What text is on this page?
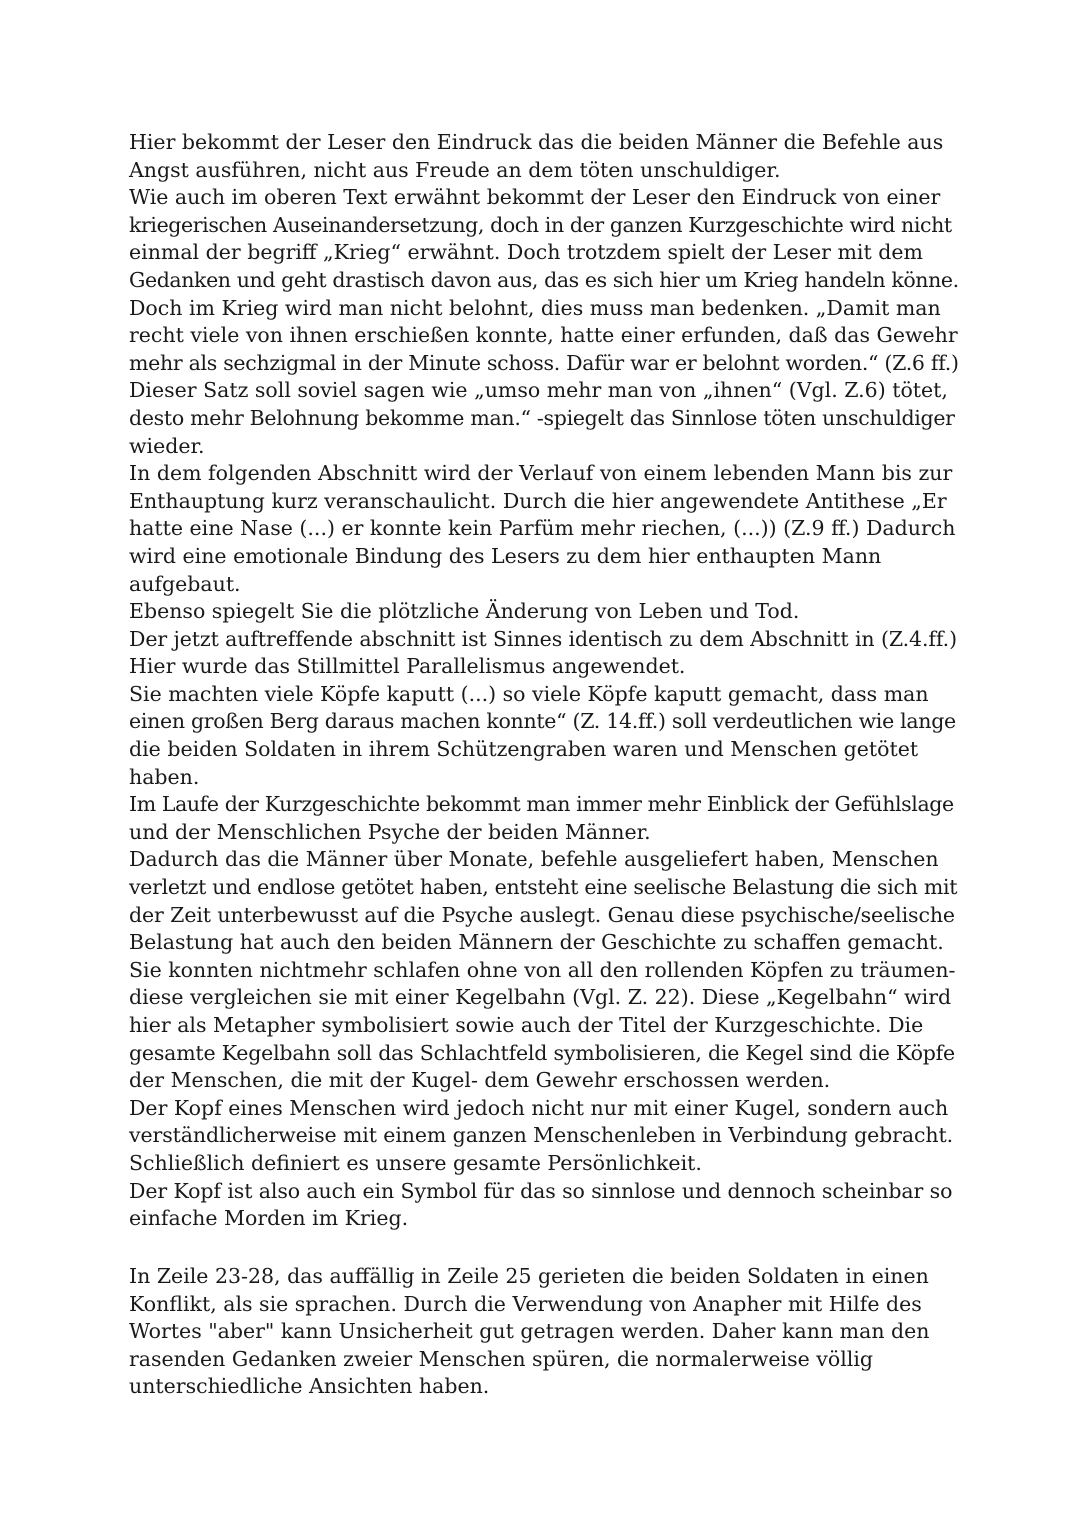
Hier bekommt der Leser den Eindruck das die beiden Männer die Befehle aus
Angst ausführen, nicht aus Freude an dem töten unschuldiger.
Wie auch im oberen Text erwähnt bekommt der Leser den Eindruck von einer
kriegerischen Auseinandersetzung, doch in der ganzen Kurzgeschichte wird nicht
einmal der begriff „Krieg“ erwähnt. Doch trotzdem spielt der Leser mit dem
Gedanken und geht drastisch davon aus, das es sich hier um Krieg handeln könne.
Doch im Krieg wird man nicht belohnt, dies muss man bedenken. „Damit man
recht viele von ihnen erschießen konnte, hatte einer erfunden, daß das Gewehr
mehr als sechzigmal in der Minute schoss. Dafür war er belohnt worden.“ (Z.6 ff.)
Dieser Satz soll soviel sagen wie „umso mehr man von „ihnen“ (Vgl. Z.6) tötet,
desto mehr Belohnung bekomme man.“ -spiegelt das Sinnlose töten unschuldiger
wieder.
In dem folgenden Abschnitt wird der Verlauf von einem lebenden Mann bis zur
Enthauptung kurz veranschaulicht. Durch die hier angewendete Antithese „Er
hatte eine Nase (...) er konnte kein Parfüm mehr riechen, (...)) (Z.9 ff.) Dadurch
wird eine emotionale Bindung des Lesers zu dem hier enthaupten Mann
aufgebaut.
Ebenso spiegelt Sie die plötzliche Änderung von Leben und Tod.
Der jetzt auftreffende abschnitt ist Sinnes identisch zu dem Abschnitt in (Z.4.ff.)
Hier wurde das Stillmittel Parallelismus angewendet.
Sie machten viele Köpfe kaputt (...) so viele Köpfe kaputt gemacht, dass man
einen großen Berg daraus machen konnte“ (Z. 14.ff.) soll verdeutlichen wie lange
die beiden Soldaten in ihrem Schützengraben waren und Menschen getötet
haben.
Im Laufe der Kurzgeschichte bekommt man immer mehr Einblick der Gefühlslage
und der Menschlichen Psyche der beiden Männer.
Dadurch das die Männer über Monate, befehle ausgeliefert haben, Menschen
verletzt und endlose getötet haben, entsteht eine seelische Belastung die sich mit
der Zeit unterbewusst auf die Psyche auslegt. Genau diese psychische/seelische
Belastung hat auch den beiden Männern der Geschichte zu schaffen gemacht.
Sie konnten nichtmehr schlafen ohne von all den rollenden Köpfen zu träumen-
diese vergleichen sie mit einer Kegelbahn (Vgl. Z. 22). Diese „Kegelbahn“ wird
hier als Metapher symbolisiert sowie auch der Titel der Kurzgeschichte. Die
gesamte Kegelbahn soll das Schlachtfeld symbolisieren, die Kegel sind die Köpfe
der Menschen, die mit der Kugel- dem Gewehr erschossen werden.
Der Kopf eines Menschen wird jedoch nicht nur mit einer Kugel, sondern auch
verständlicherweise mit einem ganzen Menschenleben in Verbindung gebracht.
Schließlich definiert es unsere gesamte Persönlichkeit.
Der Kopf ist also auch ein Symbol für das so sinnlose und dennoch scheinbar so
einfache Morden im Krieg.
In Zeile 23-28, das auffällig in Zeile 25 gerieten die beiden Soldaten in einen
Konflikt, als sie sprachen. Durch die Verwendung von Anapher mit Hilfe des
Wortes "aber" kann Unsicherheit gut getragen werden. Daher kann man den
rasenden Gedanken zweier Menschen spüren, die normalerweise völlig
unterschiedliche Ansichten haben.
